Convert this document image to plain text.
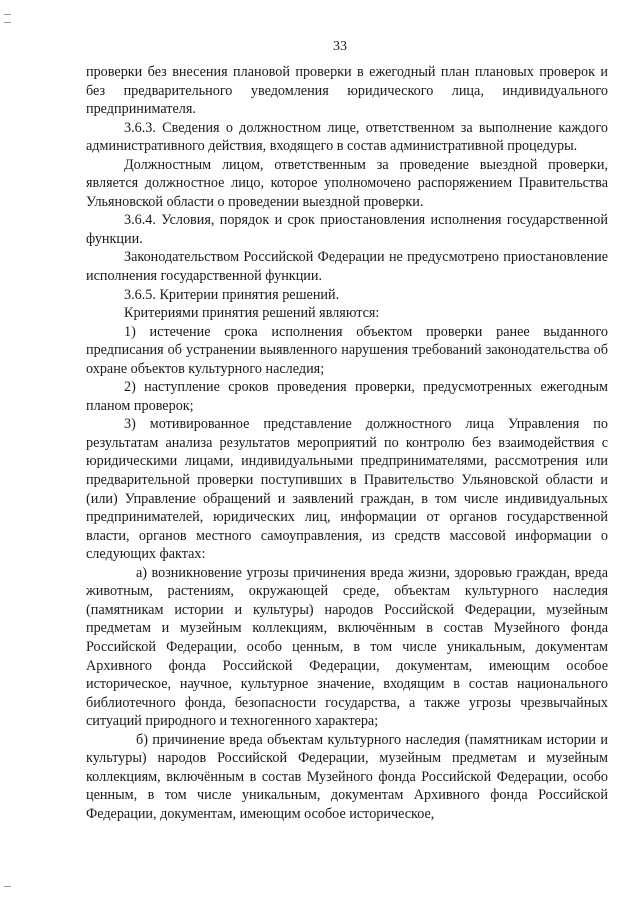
33

проверки без внесения плановой проверки в ежегодный план плановых проверок и без предварительного уведомления юридического лица, индивидуального предпринимателя.

3.6.3. Сведения о должностном лице, ответственном за выполнение каждого административного действия, входящего в состав административной процедуры.

Должностным лицом, ответственным за проведение выездной проверки, является должностное лицо, которое уполномочено распоряжением Правительства Ульяновской области о проведении выездной проверки.

3.6.4. Условия, порядок и срок приостановления исполнения государственной функции.

Законодательством Российской Федерации не предусмотрено приостановление исполнения государственной функции.

3.6.5. Критерии принятия решений.

Критериями принятия решений являются:

1) истечение срока исполнения объектом проверки ранее выданного предписания об устранении выявленного нарушения требований законодательства об охране объектов культурного наследия;

2) наступление сроков проведения проверки, предусмотренных ежегодным планом проверок;

3) мотивированное представление должностного лица Управления по результатам анализа результатов мероприятий по контролю без взаимодействия с юридическими лицами, индивидуальными предпринимателями, рассмотрения или предварительной проверки поступивших в Правительство Ульяновской области и (или) Управление обращений и заявлений граждан, в том числе индивидуальных предпринимателей, юридических лиц, информации от органов государственной власти, органов местного самоуправления, из средств массовой информации о следующих фактах:

а) возникновение угрозы причинения вреда жизни, здоровью граждан, вреда животным, растениям, окружающей среде, объектам культурного наследия (памятникам истории и культуры) народов Российской Федерации, музейным предметам и музейным коллекциям, включённым в состав Музейного фонда Российской Федерации, особо ценным, в том числе уникальным, документам Архивного фонда Российской Федерации, документам, имеющим особое историческое, научное, культурное значение, входящим в состав национального библиотечного фонда, безопасности государства, а также угрозы чрезвычайных ситуаций природного и техногенного характера;

б) причинение вреда объектам культурного наследия (памятникам истории и культуры) народов Российской Федерации, музейным предметам и музейным коллекциям, включённым в состав Музейного фонда Российской Федерации, особо ценным, в том числе уникальным, документам Архивного фонда Российской Федерации, документам, имеющим особое историческое,
